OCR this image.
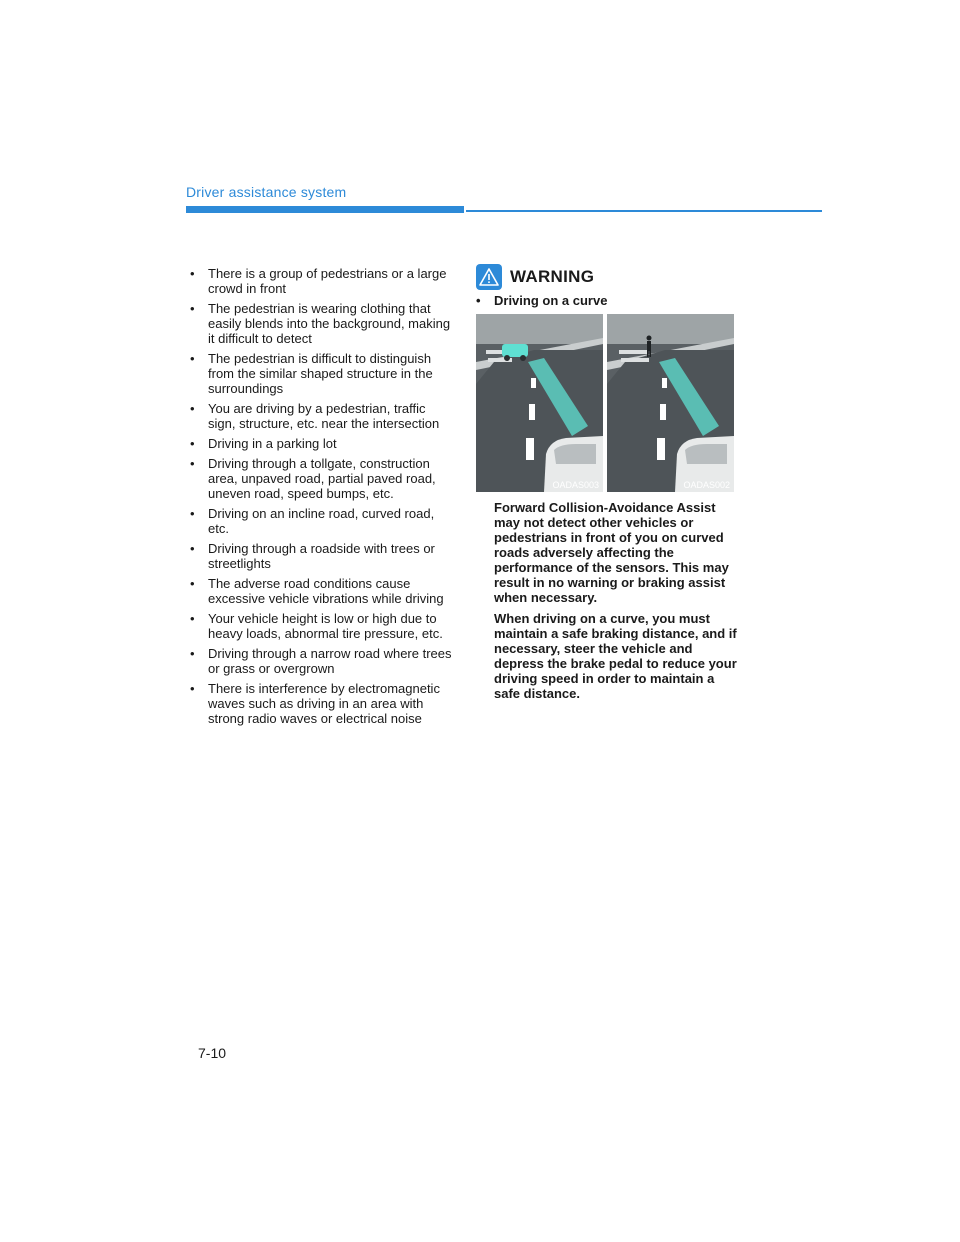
Driver assistance system
• There is a group of pedestrians or a large crowd in front
• The pedestrian is wearing clothing that easily blends into the background, making it difficult to detect
• The pedestrian is difficult to distinguish from the similar shaped structure in the surroundings
• You are driving by a pedestrian, traffic sign, structure, etc. near the intersection
• Driving in a parking lot
• Driving through a tollgate, construction area, unpaved road, partial paved road, uneven road, speed bumps, etc.
• Driving on an incline road, curved road, etc.
• Driving through a roadside with trees or streetlights
• The adverse road conditions cause excessive vehicle vibrations while driving
• Your vehicle height is low or high due to heavy loads, abnormal tire pressure, etc.
• Driving through a narrow road where trees or grass or overgrown
• There is interference by electromagnetic waves such as driving in an area with strong radio waves or electrical noise
WARNING
• Driving on a curve
OADAS003	OADAS002

Forward Collision-Avoidance Assist may not detect other vehicles or pedestrians in front of you on curved roads adversely affecting the performance of the sensors. This may result in no warning or braking assist when necessary.

When driving on a curve, you must maintain a safe braking distance, and if necessary, steer the vehicle and depress the brake pedal to reduce your driving speed in order to maintain a safe distance.

7-10
